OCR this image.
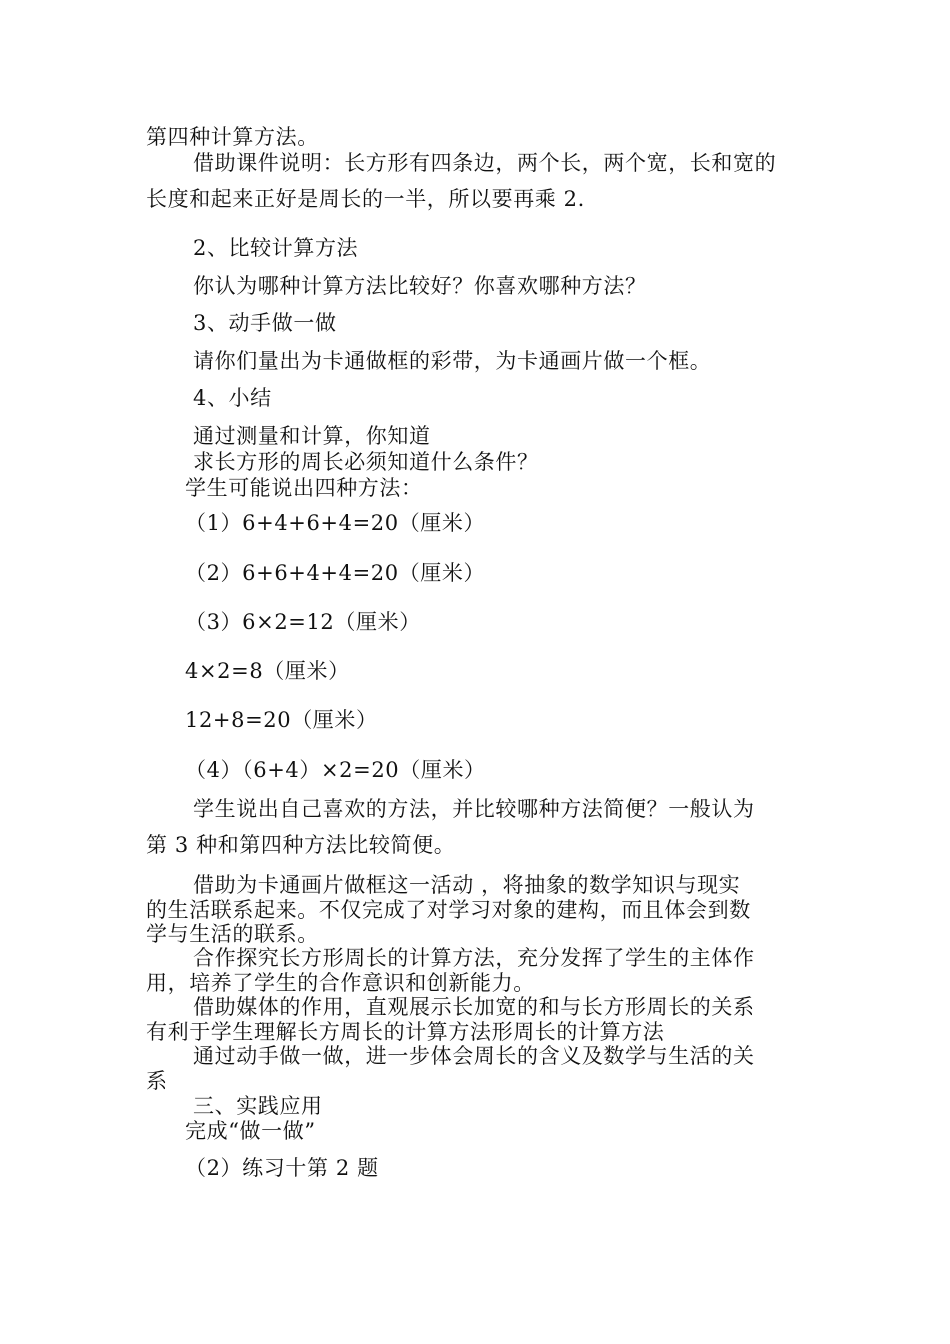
第四种计算方法。
借助课件说明：长方形有四条边，两个长，两个宽，长和宽的
长度和起来正好是周长的一半，所以要再乘 2.
2、比较计算方法
你认为哪种计算方法比较好？你喜欢哪种方法？
3、动手做一做
请你们量出为卡通做框的彩带，为卡通画片做一个框。
4、小结
通过测量和计算，你知道
求长方形的周长必须知道什么条件？
学生可能说出四种方法：
（1）6+4+6+4=20（厘米）
（2）6+6+4+4=20（厘米）
（3）6×2=12（厘米）
4×2=8（厘米）
12+8=20（厘米）
（4）（6+4）×2=20（厘米）
学生说出自己喜欢的方法，并比较哪种方法简便？一般认为
第 3 种和第四种方法比较简便。
借助为卡通画片做框这一活动 ，将抽象的数学知识与现实
的生活联系起来。不仅完成了对学习对象的建构，而且体会到数
学与生活的联系。
合作探究长方形周长的计算方法，充分发挥了学生的主体作
用，培养了学生的合作意识和创新能力。
借助媒体的作用，直观展示长加宽的和与长方形周长的关系
有利于学生理解长方周长的计算方法形周长的计算方法
通过动手做一做，进一步体会周长的含义及数学与生活的关
系
三、实践应用
完成“做一做”
（2）练习十第 2 题
